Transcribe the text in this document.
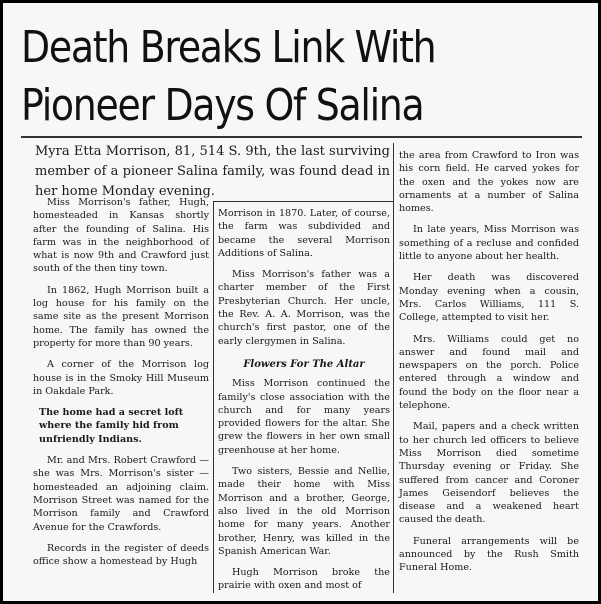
Death Breaks Link With
Pioneer Days Of Salina

Myra Etta Morrison, 81, 514 S. 9th, the last surviving member of a pioneer Salina family, was found dead in her home Monday evening.

Miss Morrison's father, Hugh, homesteaded in Kansas shortly after the founding of Salina. His farm was in the neighborhood of what is now 9th and Crawford just south of the then tiny town.

In 1862, Hugh Morrison built a log house for his family on the same site as the present Morrison home. The family has owned the property for more than 90 years.

A corner of the Morrison log house is in the Smoky Hill Museum in Oakdale Park.

The home had a secret loft where the family hid from unfriendly Indians.

Mr. and Mrs. Robert Crawford — she was Mrs. Morrison's sister — homesteaded an adjoining claim. Morrison Street was named for the Morrison family and Crawford Avenue for the Crawfords.

Records in the register of deeds office show a homestead by Hugh

Morrison in 1870. Later, of course, the farm was subdivided and became the several Morrison Additions of Salina.

Miss Morrison's father was a charter member of the First Presbyterian Church. Her uncle, the Rev. A. A. Morrison, was the church's first pastor, one of the early clergymen in Salina.

Flowers For The Altar

Miss Morrison continued the family's close association with the church and for many years provided flowers for the altar. She grew the flowers in her own small greenhouse at her home.

Two sisters, Bessie and Nellie, made their home with Miss Morrison and a brother, George, also lived in the old Morrison home for many years. Another brother, Henry, was killed in the Spanish American War.

Hugh Morrison broke the prairie with oxen and most of

the area from Crawford to Iron was his corn field. He carved yokes for the oxen and the yokes now are ornaments at a number of Salina homes.

In late years, Miss Morrison was something of a recluse and confided little to anyone about her health.

Her death was discovered Monday evening when a cousin, Mrs. Carlos Williams, 111 S. College, attempted to visit her.

Mrs. Williams could get no answer and found mail and newspapers on the porch. Police entered through a window and found the body on the floor near a telephone.

Mail, papers and a check written to her church led officers to believe Miss Morrison died sometime Thursday evening or Friday. She suffered from cancer and Coroner James Geisendorf believes the disease and a weakened heart caused the death.

Funeral arrangements will be announced by the Rush Smith Funeral Home.
